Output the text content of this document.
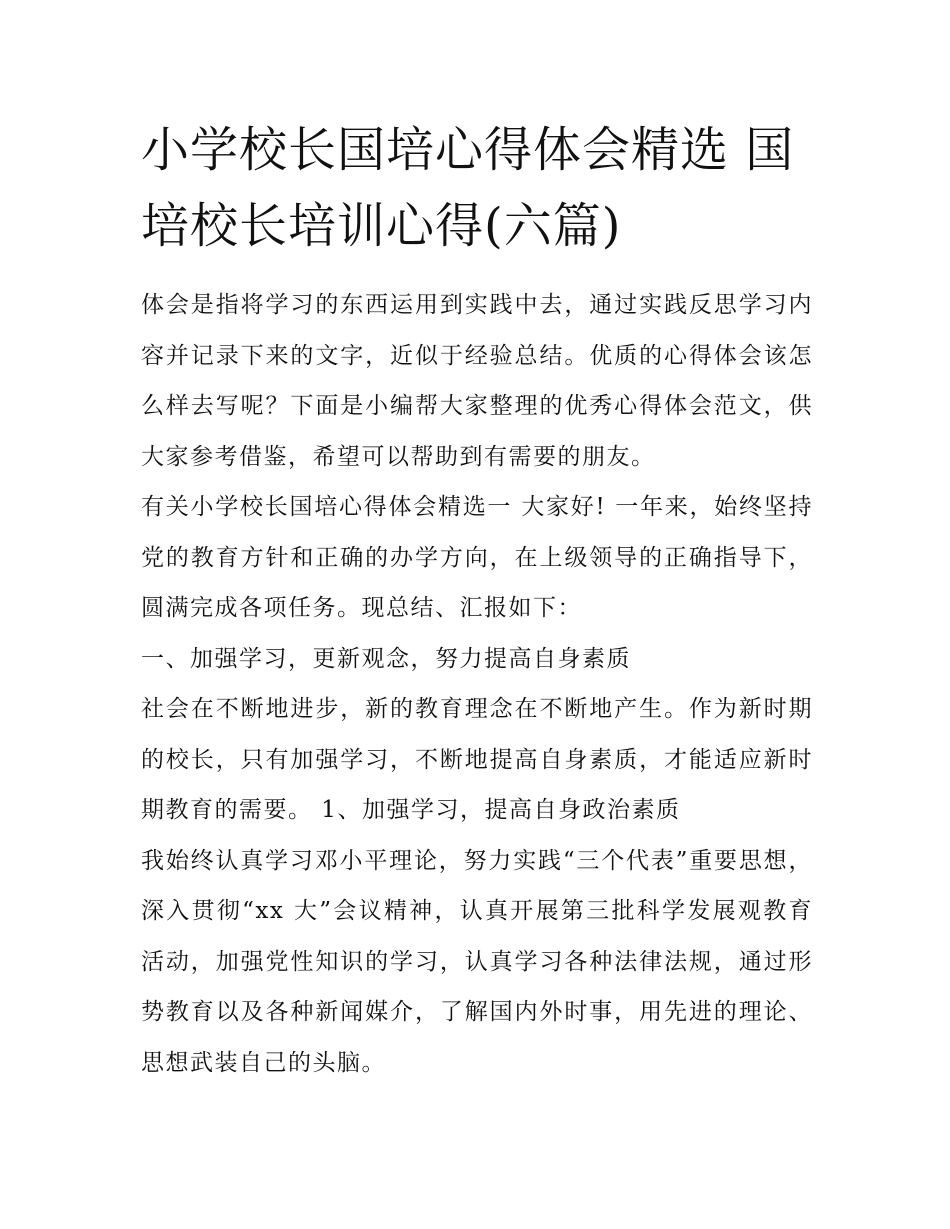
小学校长国培心得体会精选 国培校长培训心得(六篇)

体会是指将学习的东西运用到实践中去，通过实践反思学习内容并记录下来的文字，近似于经验总结。优质的心得体会该怎么样去写呢？下面是小编帮大家整理的优秀心得体会范文，供大家参考借鉴，希望可以帮助到有需要的朋友。

有关小学校长国培心得体会精选一 大家好! 一年来，始终坚持党的教育方针和正确的办学方向，在上级领导的正确指导下，圆满完成各项任务。现总结、汇报如下：

一、加强学习，更新观念，努力提高自身素质

社会在不断地进步，新的教育理念在不断地产生。作为新时期的校长，只有加强学习，不断地提高自身素质，才能适应新时期教育的需要。 1、加强学习，提高自身政治素质

我始终认真学习邓小平理论，努力实践“三个代表”重要思想，深入贯彻“xx 大”会议精神，认真开展第三批科学发展观教育活动，加强党性知识的学习，认真学习各种法律法规，通过形势教育以及各种新闻媒介，了解国内外时事，用先进的理论、思想武装自己的头脑。
